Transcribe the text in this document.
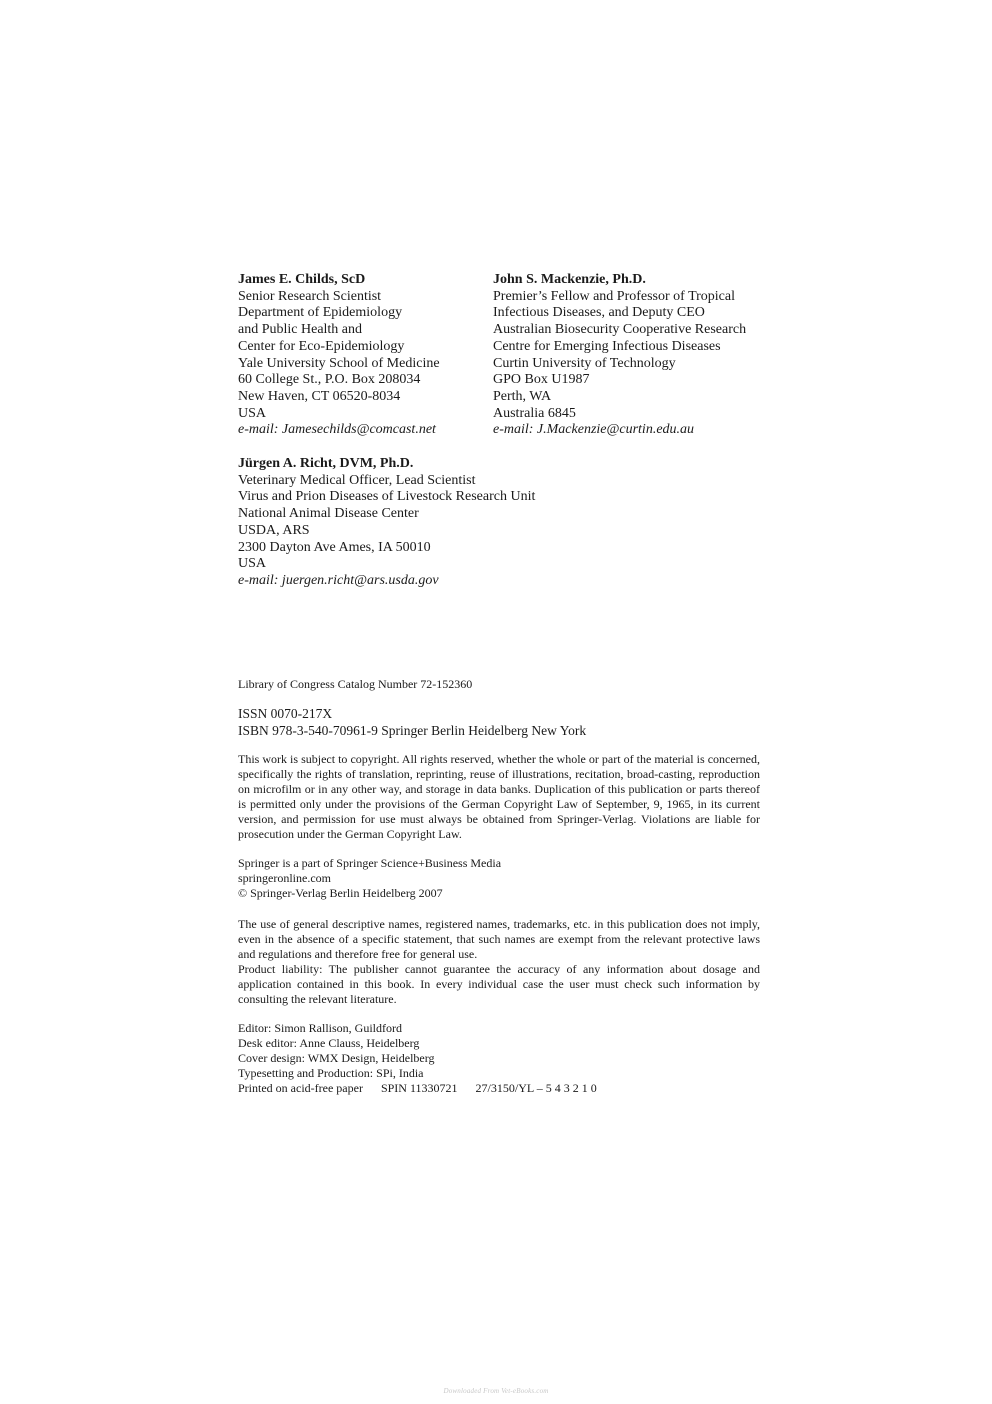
James E. Childs, ScD
Senior Research Scientist
Department of Epidemiology
and Public Health and
Center for Eco-Epidemiology
Yale University School of Medicine
60 College St., P.O. Box 208034
New Haven, CT 06520-8034
USA
e-mail: Jamesechilds@comcast.net
John S. Mackenzie, Ph.D.
Premier’s Fellow and Professor of Tropical
Infectious Diseases, and Deputy CEO
Australian Biosecurity Cooperative Research
Centre for Emerging Infectious Diseases
Curtin University of Technology
GPO Box U1987
Perth, WA
Australia 6845
e-mail: J.Mackenzie@curtin.edu.au
Jürgen A. Richt, DVM, Ph.D.
Veterinary Medical Officer, Lead Scientist
Virus and Prion Diseases of Livestock Research Unit
National Animal Disease Center
USDA, ARS
2300 Dayton Ave Ames, IA 50010
USA
e-mail: juergen.richt@ars.usda.gov
Library of Congress Catalog Number 72-152360
ISSN 0070-217X
ISBN 978-3-540-70961-9 Springer Berlin Heidelberg New York

This work is subject to copyright. All rights reserved, whether the whole or part of the material is concerned, specifically the rights of translation, reprinting, reuse of illustrations, recitation, broad-casting, reproduction on microfilm or in any other way, and storage in data banks. Duplication of this publication or parts thereof is permitted only under the provisions of the German Copyright Law of September, 9, 1965, in its current version, and permission for use must always be obtained from Springer-Verlag. Violations are liable for prosecution under the German Copyright Law.

Springer is a part of Springer Science+Business Media
springeronline.com
© Springer-Verlag Berlin Heidelberg 2007

The use of general descriptive names, registered names, trademarks, etc. in this publication does not imply, even in the absence of a specific statement, that such names are exempt from the relevant protective laws and regulations and therefore free for general use.

Product liability: The publisher cannot guarantee the accuracy of any information about dosage and application contained in this book. In every individual case the user must check such information by consulting the relevant literature.

Editor: Simon Rallison, Guildford
Desk editor: Anne Clauss, Heidelberg
Cover design: WMX Design, Heidelberg
Typesetting and Production: SPi, India
Printed on acid-free paper SPIN 11330721 27/3150/YL – 5 4 3 2 1 0
Downloaded From Vet-eBooks.com
